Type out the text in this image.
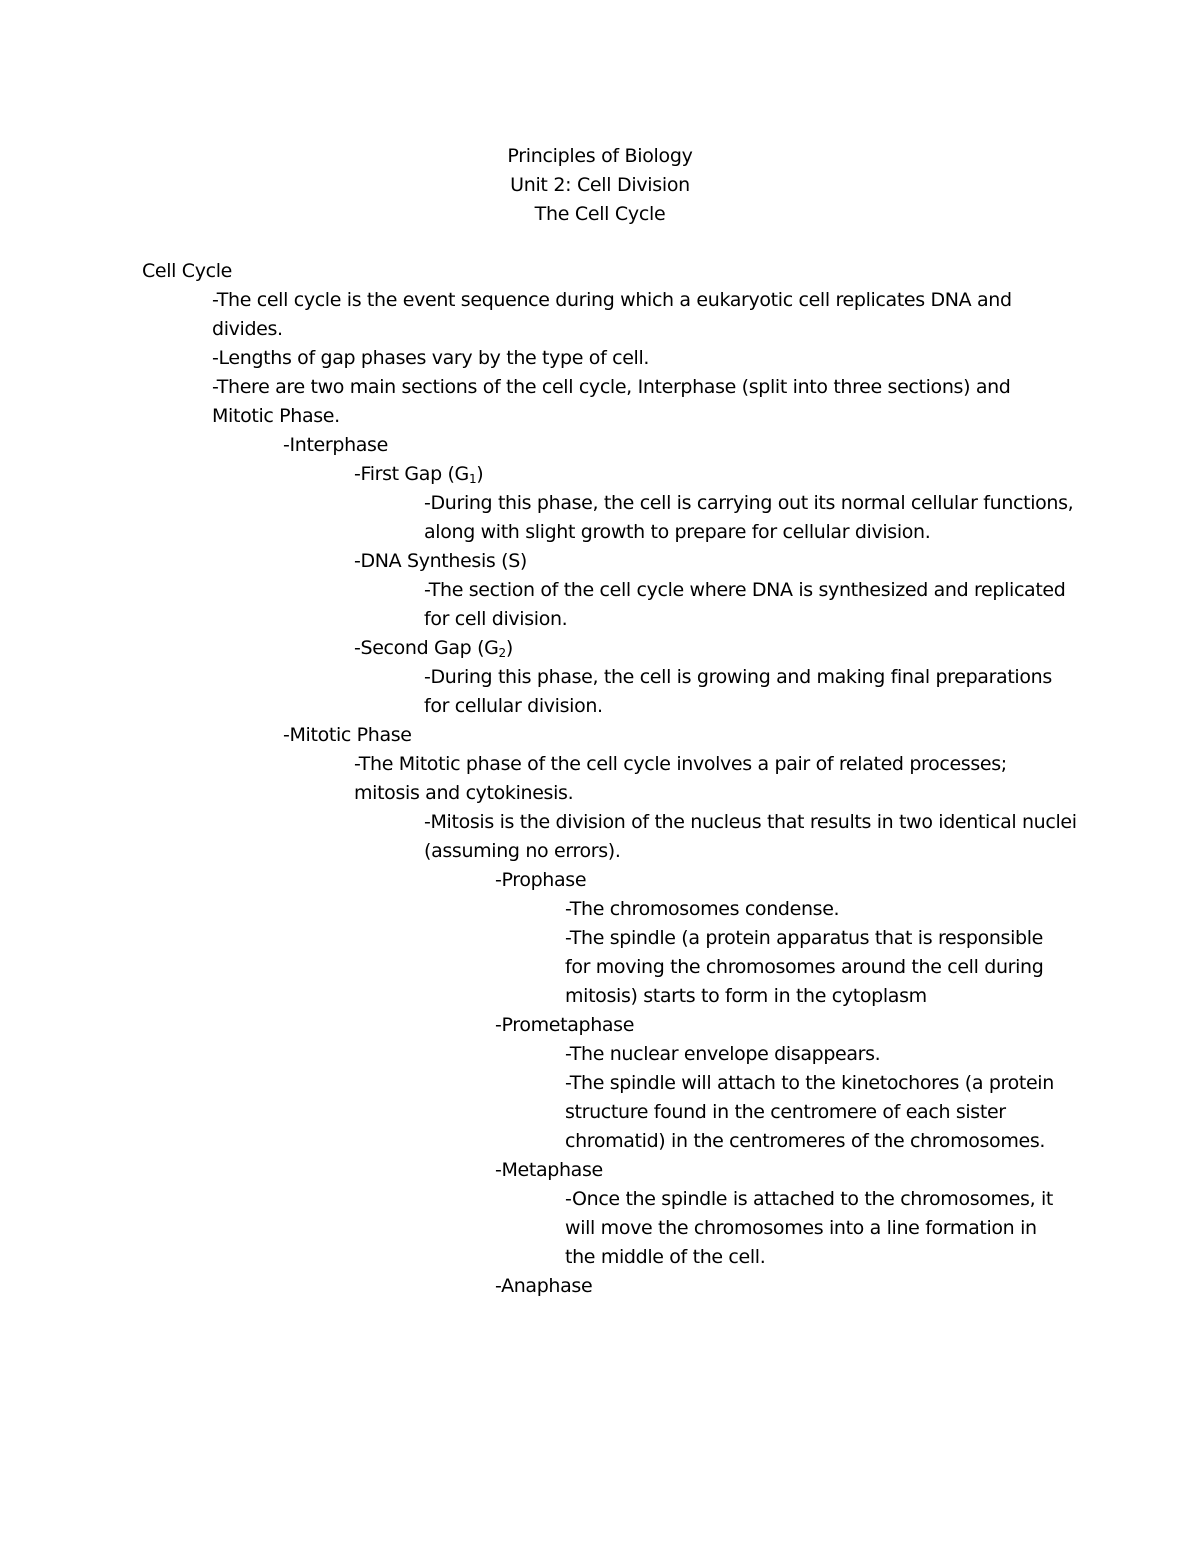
Principles of Biology
Unit 2: Cell Division
The Cell Cycle

Cell Cycle

-The cell cycle is the event sequence during which a eukaryotic cell replicates DNA and divides.

-Lengths of gap phases vary by the type of cell.

-There are two main sections of the cell cycle, Interphase (split into three sections) and Mitotic Phase.

-Interphase

-First Gap $(G_1)$

-During this phase, the cell is carrying out its normal cellular functions, along with slight growth to prepare for cellular division.

-DNA Synthesis (S)

-The section of the cell cycle where DNA is synthesized and replicated for cell division.

-Second Gap $(G_2)$

-During this phase, the cell is growing and making final preparations for cellular division.

-Mitotic Phase

-The Mitotic phase of the cell cycle involves a pair of related processes; mitosis and cytokinesis.

-Mitosis is the division of the nucleus that results in two identical nuclei (assuming no errors).

-Prophase

-The chromosomes condense.

-The spindle (a protein apparatus that is responsible for moving the chromosomes around the cell during mitosis) starts to form in the cytoplasm

-Prometaphase

-The nuclear envelope disappears.

-The spindle will attach to the kinetochores (a protein structure found in the centromere of each sister chromatid) in the centromeres of the chromosomes.

-Metaphase

-Once the spindle is attached to the chromosomes, it will move the chromosomes into a line formation in the middle of the cell.

-Anaphase
